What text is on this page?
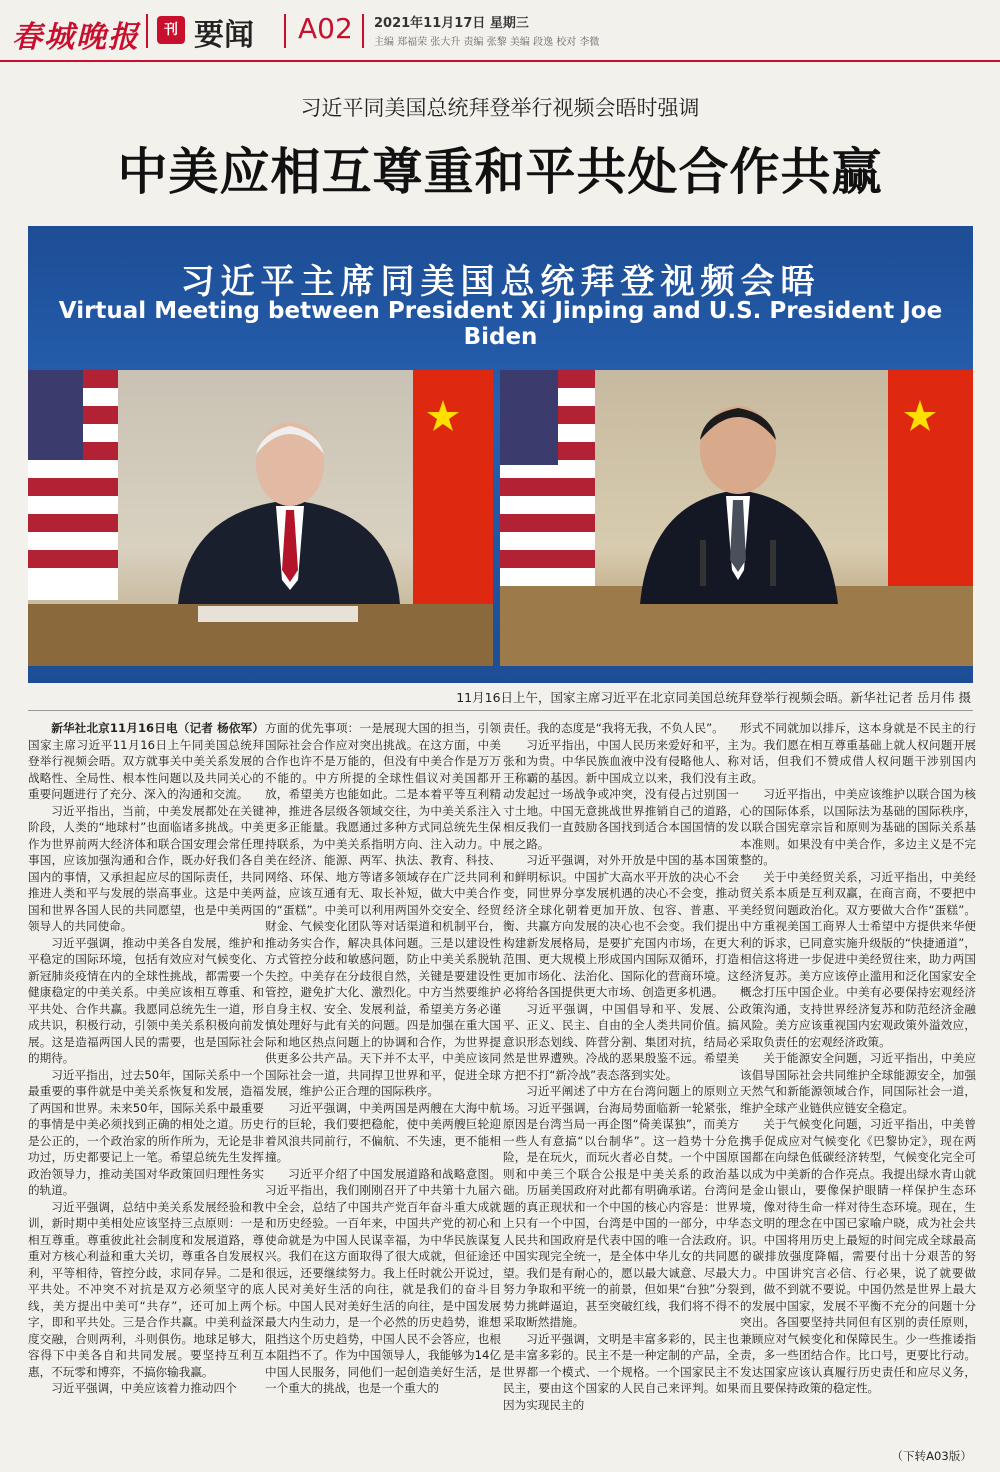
春城晚报	刊 要闻 A02 2021年11月17日 星期三
主编 郑福荣 张大升 责编 张黎 美编 段逸 校对 李微
习近平同美国总统拜登举行视频会晤时强调
中美应相互尊重和平共处合作共赢
习近平主席同美国总统拜登视频会晤
Virtual Meeting between President Xi Jinping and U.S. President Joe Biden
11月16日上午，国家主席习近平在北京同美国总统拜登举行视频会晤。新华社记者 岳月伟 摄

新华社北京11月16日电（记者 杨依军）国家主席习近平11月16日上午同美国总统拜登举行视频会晤。双方就事关中美关系发展的战略性、全局性、根本性问题以及共同关心的重要问题进行了充分、深入的沟通和交流。

习近平指出，当前，中美发展都处在关键阶段，人类的“地球村”也面临诸多挑战。中美作为世界前两大经济体和联合国安理会常任理事国，应该加强沟通和合作，既办好我们各自国内的事情，又承担起应尽的国际责任，共同推进人类和平与发展的崇高事业。这是中美两国和世界各国人民的共同愿望，也是中美两国领导人的共同使命。

习近平强调，推动中美各自发展，维护和平稳定的国际环境，包括有效应对气候变化、新冠肺炎疫情在内的全球性挑战，都需要一个健康稳定的中美关系。中美应该相互尊重、和平共处、合作共赢。我愿同总统先生一道，形成共识，积极行动，引领中美关系积极向前发展。这是造福两国人民的需要，也是国际社会的期待。

习近平指出，过去50年，国际关系中一个最重要的事件就是中美关系恢复和发展，造福了两国和世界。未来50年，国际关系中最重要的事情是中美必须找到正确的相处之道。历史是公正的，一个政治家的所作所为，无论是非功过，历史都要记上一笔。希望总统先生发挥政治领导力，推动美国对华政策回归理性务实的轨道。

习近平强调，总结中美关系发展经验和教训，新时期中美相处应该坚持三点原则：一是相互尊重。尊重彼此社会制度和发展道路，尊重对方核心利益和重大关切，尊重各自发展权利，平等相待，管控分歧，求同存异。二是和平共处。不冲突不对抗是双方必须坚守的底线，美方提出中美可“共存”，还可加上两个字，即和平共处。三是合作共赢。中美利益深度交融，合则两利，斗则俱伤。地球足够大，容得下中美各自和共同发展。要坚持互利互惠，不玩零和博弈，不搞你输我赢。

习近平强调，中美应该着力推动四个

方面的优先事项：一是展现大国的担当，引领国际社会合作应对突出挑战。在这方面，中美合作也许不是万能的，但没有中美合作是万万不能的。中方所提的全球性倡议对美国都开放，希望美方也能如此。二是本着平等互利精神，推进各层级各领域交往，为中美关系注入更多正能量。我愿通过多种方式同总统先生保持联系，为中美关系指明方向、注入动力。中美在经济、能源、两军、执法、教育、科技、网络、环保、地方等诸多领域存在广泛共同利益，应该互通有无、取长补短，做大中美合作的“蛋糕”。中美可以利用两国外交安全、经贸财金、气候变化团队等对话渠道和机制平台，推动务实合作，解决具体问题。三是以建设性方式管控分歧和敏感问题，防止中美关系脱轨失控。中美存在分歧很自然，关键是要建设性管控，避免扩大化、激烈化。中方当然要维护自身主权、安全、发展利益，希望美方务必谨慎处理好与此有关的问题。四是加强在重大国际和地区热点问题上的协调和合作，为世界提供更多公共产品。天下并不太平，中美应该同国际社会一道，共同捍卫世界和平，促进全球发展，维护公正合理的国际秩序。

习近平强调，中美两国是两艘在大海中航行的巨轮，我们要把稳舵，使中美两艘巨轮迎着风浪共同前行，不偏航、不失速，更不能相撞。

习近平介绍了中国发展道路和战略意图。习近平指出，我们刚刚召开了中共第十九届六中全会，总结了中国共产党百年奋斗重大成就和历史经验。一百年来，中国共产党的初心和使命就是为中国人民谋幸福，为中华民族谋复兴。我们在这方面取得了很大成就，但征途还很远，还要继续努力。我上任时就公开说过，人民对美好生活的向往，就是我们的奋斗目标。中国人民对美好生活的向往，是中国发展最大内生动力，是一个必然的历史趋势，谁想阻挡这个历史趋势，中国人民不会答应，也根本阻挡不了。作为中国领导人，我能够为14亿中国人民服务，同他们一起创造美好生活，是一个重大的挑战，也是一个重大的

责任。我的态度是“我将无我，不负人民”。

习近平指出，中国人民历来爱好和平，主张和为贵。中华民族血液中没有侵略他人、称王称霸的基因。新中国成立以来，我们没有主动发起过一场战争或冲突，没有侵占过别国一寸土地。中国无意挑战世界推销自己的道路，相反我们一直鼓励各国找到适合本国国情的发展之路。

习近平强调，对外开放是中国的基本国策和鲜明标识。中国扩大高水平开放的决心不会变，同世界分享发展机遇的决心不会变，推动经济全球化朝着更加开放、包容、普惠、平衡、共赢方向发展的决心也不会变。我们提出构建新发展格局，是要扩充国内市场，在更大范围、更大规模上形成国内国际双循环，打造更加市场化、法治化、国际化的营商环境。这必将给各国提供更大市场、创造更多机遇。

习近平强调，中国倡导和平、发展、公平、正义、民主、自由的全人类共同价值。搞意识形态划线、阵营分割、集团对抗，结局必然是世界遭殃。冷战的恶果殷鉴不远。希望美方把不打“新冷战”表态落到实处。

习近平阐述了中方在台湾问题上的原则立场。习近平强调，台海局势面临新一轮紧张，原因是台湾当局一再企图“倚美谋独”，而美方一些人有意搞“以台制华”。这一趋势十分危险，是在玩火，而玩火者必自焚。一个中国原则和中美三个联合公报是中美关系的政治基础。历届美国政府对此都有明确承诺。台湾问题的真正现状和一个中国的核心内容是：世界上只有一个中国，台湾是中国的一部分，中华人民共和国政府是代表中国的唯一合法政府。中国实现完全统一，是全体中华儿女的共同愿望。我们是有耐心的，愿以最大诚意、尽最大努力争取和平统一的前景，但如果“台独”分裂势力挑衅逼迫，甚至突破红线，我们将不得不采取断然措施。

习近平强调，文明是丰富多彩的，民主也是丰富多彩的。民主不是一种定制的产品，全世界都一个模式、一个规格。一个国家民主不民主，要由这个国家的人民自己来评判。如果因为实现民主的

形式不同就加以排斥，这本身就是不民主的行为。我们愿在相互尊重基础上就人权问题开展对话，但我们不赞成借人权问题干涉别国内政。

习近平指出，中美应该维护以联合国为核心的国际体系，以国际法为基础的国际秩序，以联合国宪章宗旨和原则为基础的国际关系基本准则。如果没有中美合作，多边主义是不完整的。

关于中美经贸关系，习近平指出，中美经贸关系本质是互利双赢，在商言商，不要把中美经贸问题政治化。双方要做大合作“蛋糕”。中方重视美国工商界人士希望中方提供来华便利的诉求，已同意实施升级版的“快捷通道”，相信这将进一步促进中美经贸往来，助力两国经济复苏。美方应该停止滥用和泛化国家安全概念打压中国企业。中美有必要保持宏观经济政策沟通，支持世界经济复苏和防范经济金融风险。美方应该重视国内宏观政策外溢效应，采取负责任的宏观经济政策。

关于能源安全问题，习近平指出，中美应该倡导国际社会共同维护全球能源安全，加强天然气和新能源领域合作，同国际社会一道，维护全球产业链供应链安全稳定。

关于气候变化问题，习近平指出，中美曾携手促成应对气候变化《巴黎协定》，现在两国都在向绿色低碳经济转型，气候变化完全可以成为中美新的合作亮点。我提出绿水青山就是金山银山，要像保护眼睛一样保护生态环境，像对待生命一样对待生态环境。现在，生态文明的理念在中国已家喻户晓，成为社会共识。中国将用历史上最短的时间完成全球最高的碳排放强度降幅，需要付出十分艰苦的努力。中国讲究言必信、行必果，说了就要做到，做不到就不要说。中国仍然是世界上最大的发展中国家，发展不平衡不充分的问题十分突出。各国要坚持共同但有区别的责任原则，兼顾应对气候变化和保障民生。少一些推诿指责，多一些团结合作。比口号，更要比行动。发达国家应该认真履行历史责任和应尽义务，而且要保持政策的稳定性。

（下转A03版）
